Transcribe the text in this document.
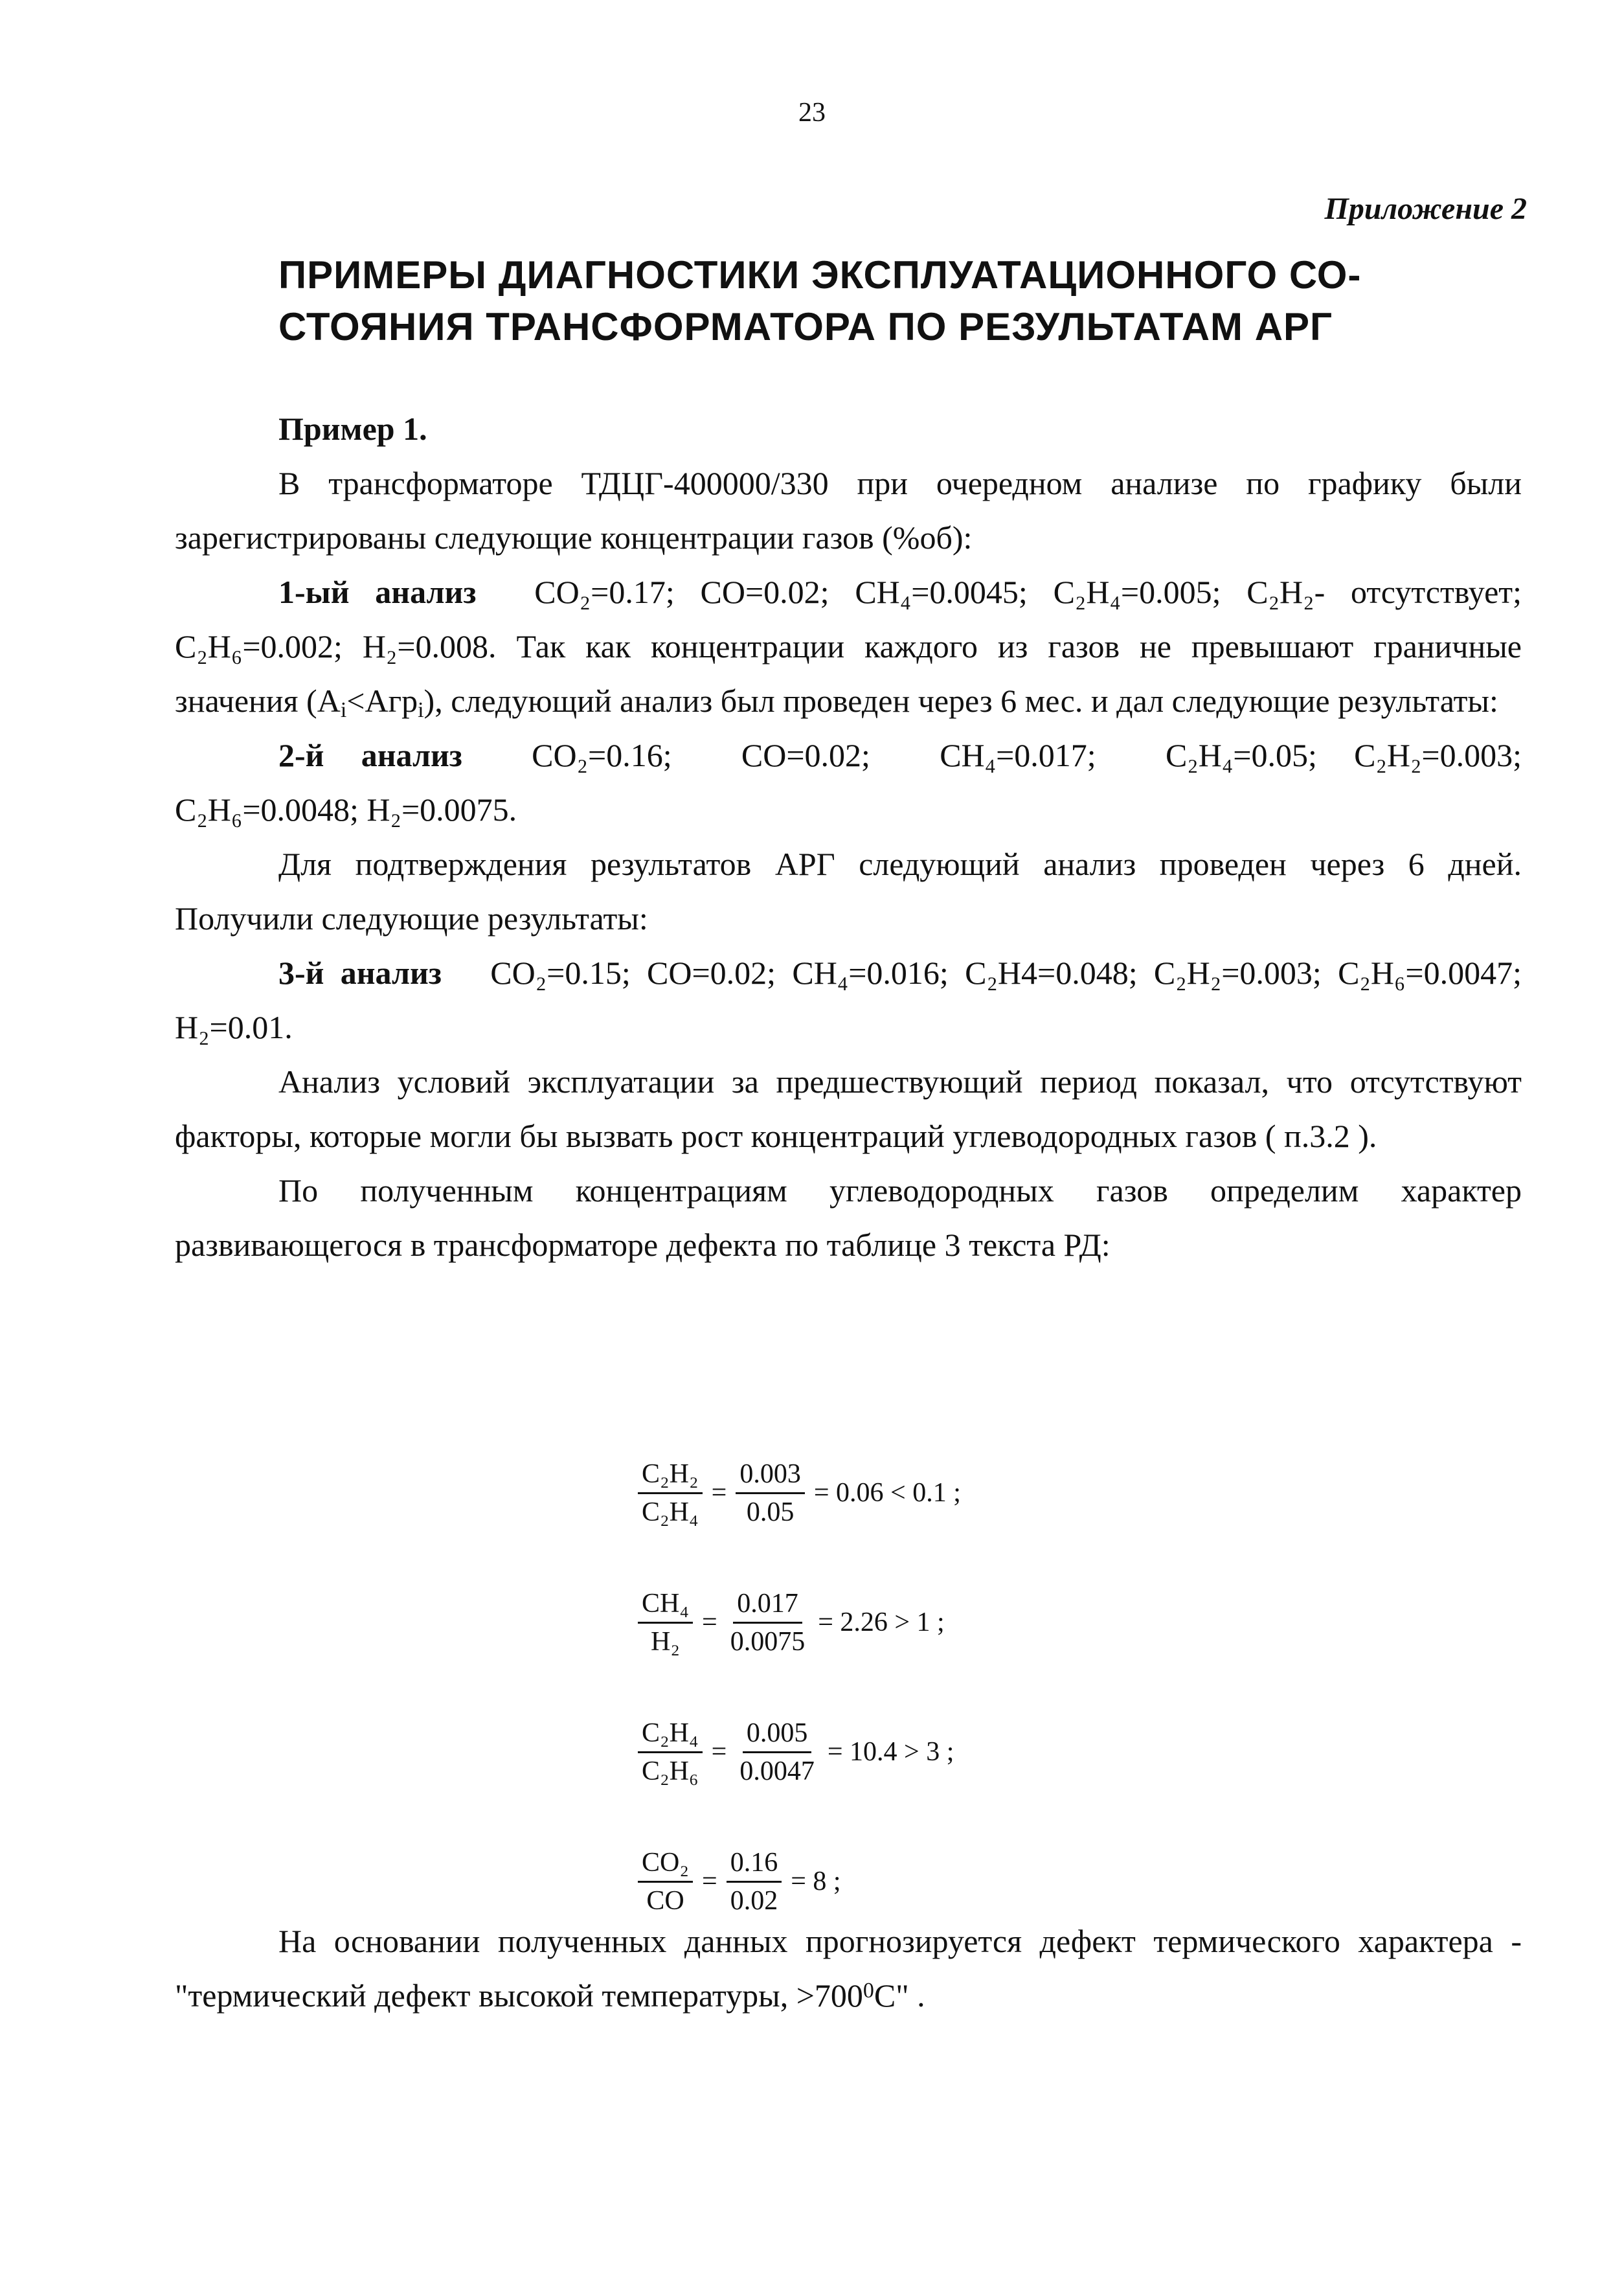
23
Приложение 2
ПРИМЕРЫ ДИАГНОСТИКИ ЭКСПЛУАТАЦИОННОГО СО-
СТОЯНИЯ ТРАНСФОРМАТОРА ПО РЕЗУЛЬТАТАМ АРГ

Пример 1.

В трансформаторе ТДЦГ-400000/330 при очередном анализе по графику были зарегистрированы следующие концентрации газов (%об):

1-ый анализ CO₂=0.17; CO=0.02; CH₄=0.0045; C₂H₄=0.005; C₂H₂- отсутствует; C₂H₆=0.002; H₂=0.008. Так как концентрации каждого из газов не превышают граничные значения $(A_i<Агр_i)$, следующий анализ был проведен через 6 мес. и дал следующие результаты:

2-й анализ CO₂=0.16; CO=0.02; CH₄=0.017; C₂H₄=0.05; C₂H₂=0.003; C₂H₆=0.0048; H₂=0.0075.

Для подтверждения результатов АРГ следующий анализ проведен через 6 дней. Получили следующие результаты:

3-й анализ CO₂=0.15; CO=0.02; CH₄=0.016; C₂H4=0.048; C₂H₂=0.003; C₂H₆=0.0047; H₂=0.01.

Анализ условий эксплуатации за предшествующий период показал, что отсутствуют факторы, которые могли бы вызвать рост концентраций углеводородных газов ( п.3.2 ).

По полученным концентрациям углеводородных газов определим характер развивающегося в трансформаторе дефекта по таблице 3 текста РД:

$\frac{\text{C₂H₂}}{\text{C₂H₄}} = \frac{0.003}{0.05} = 0.06 < 0.1$ ;
$\frac{\text{CH₄}}{\text{H₂}} = \frac{0.017}{0.0075} = 2.26 > 1$ ;
$\frac{\text{C₂H₄}}{\text{C₂H₆}} = \frac{0.005}{0.0047} = 10.4 > 3$ ;
$\frac{\text{CO₂}}{CO} = \frac{0.16}{0.02} = 8$ ;

На основании полученных данных прогнозируется дефект термического характера - "термический дефект высокой температуры, $>700^0C$" .
